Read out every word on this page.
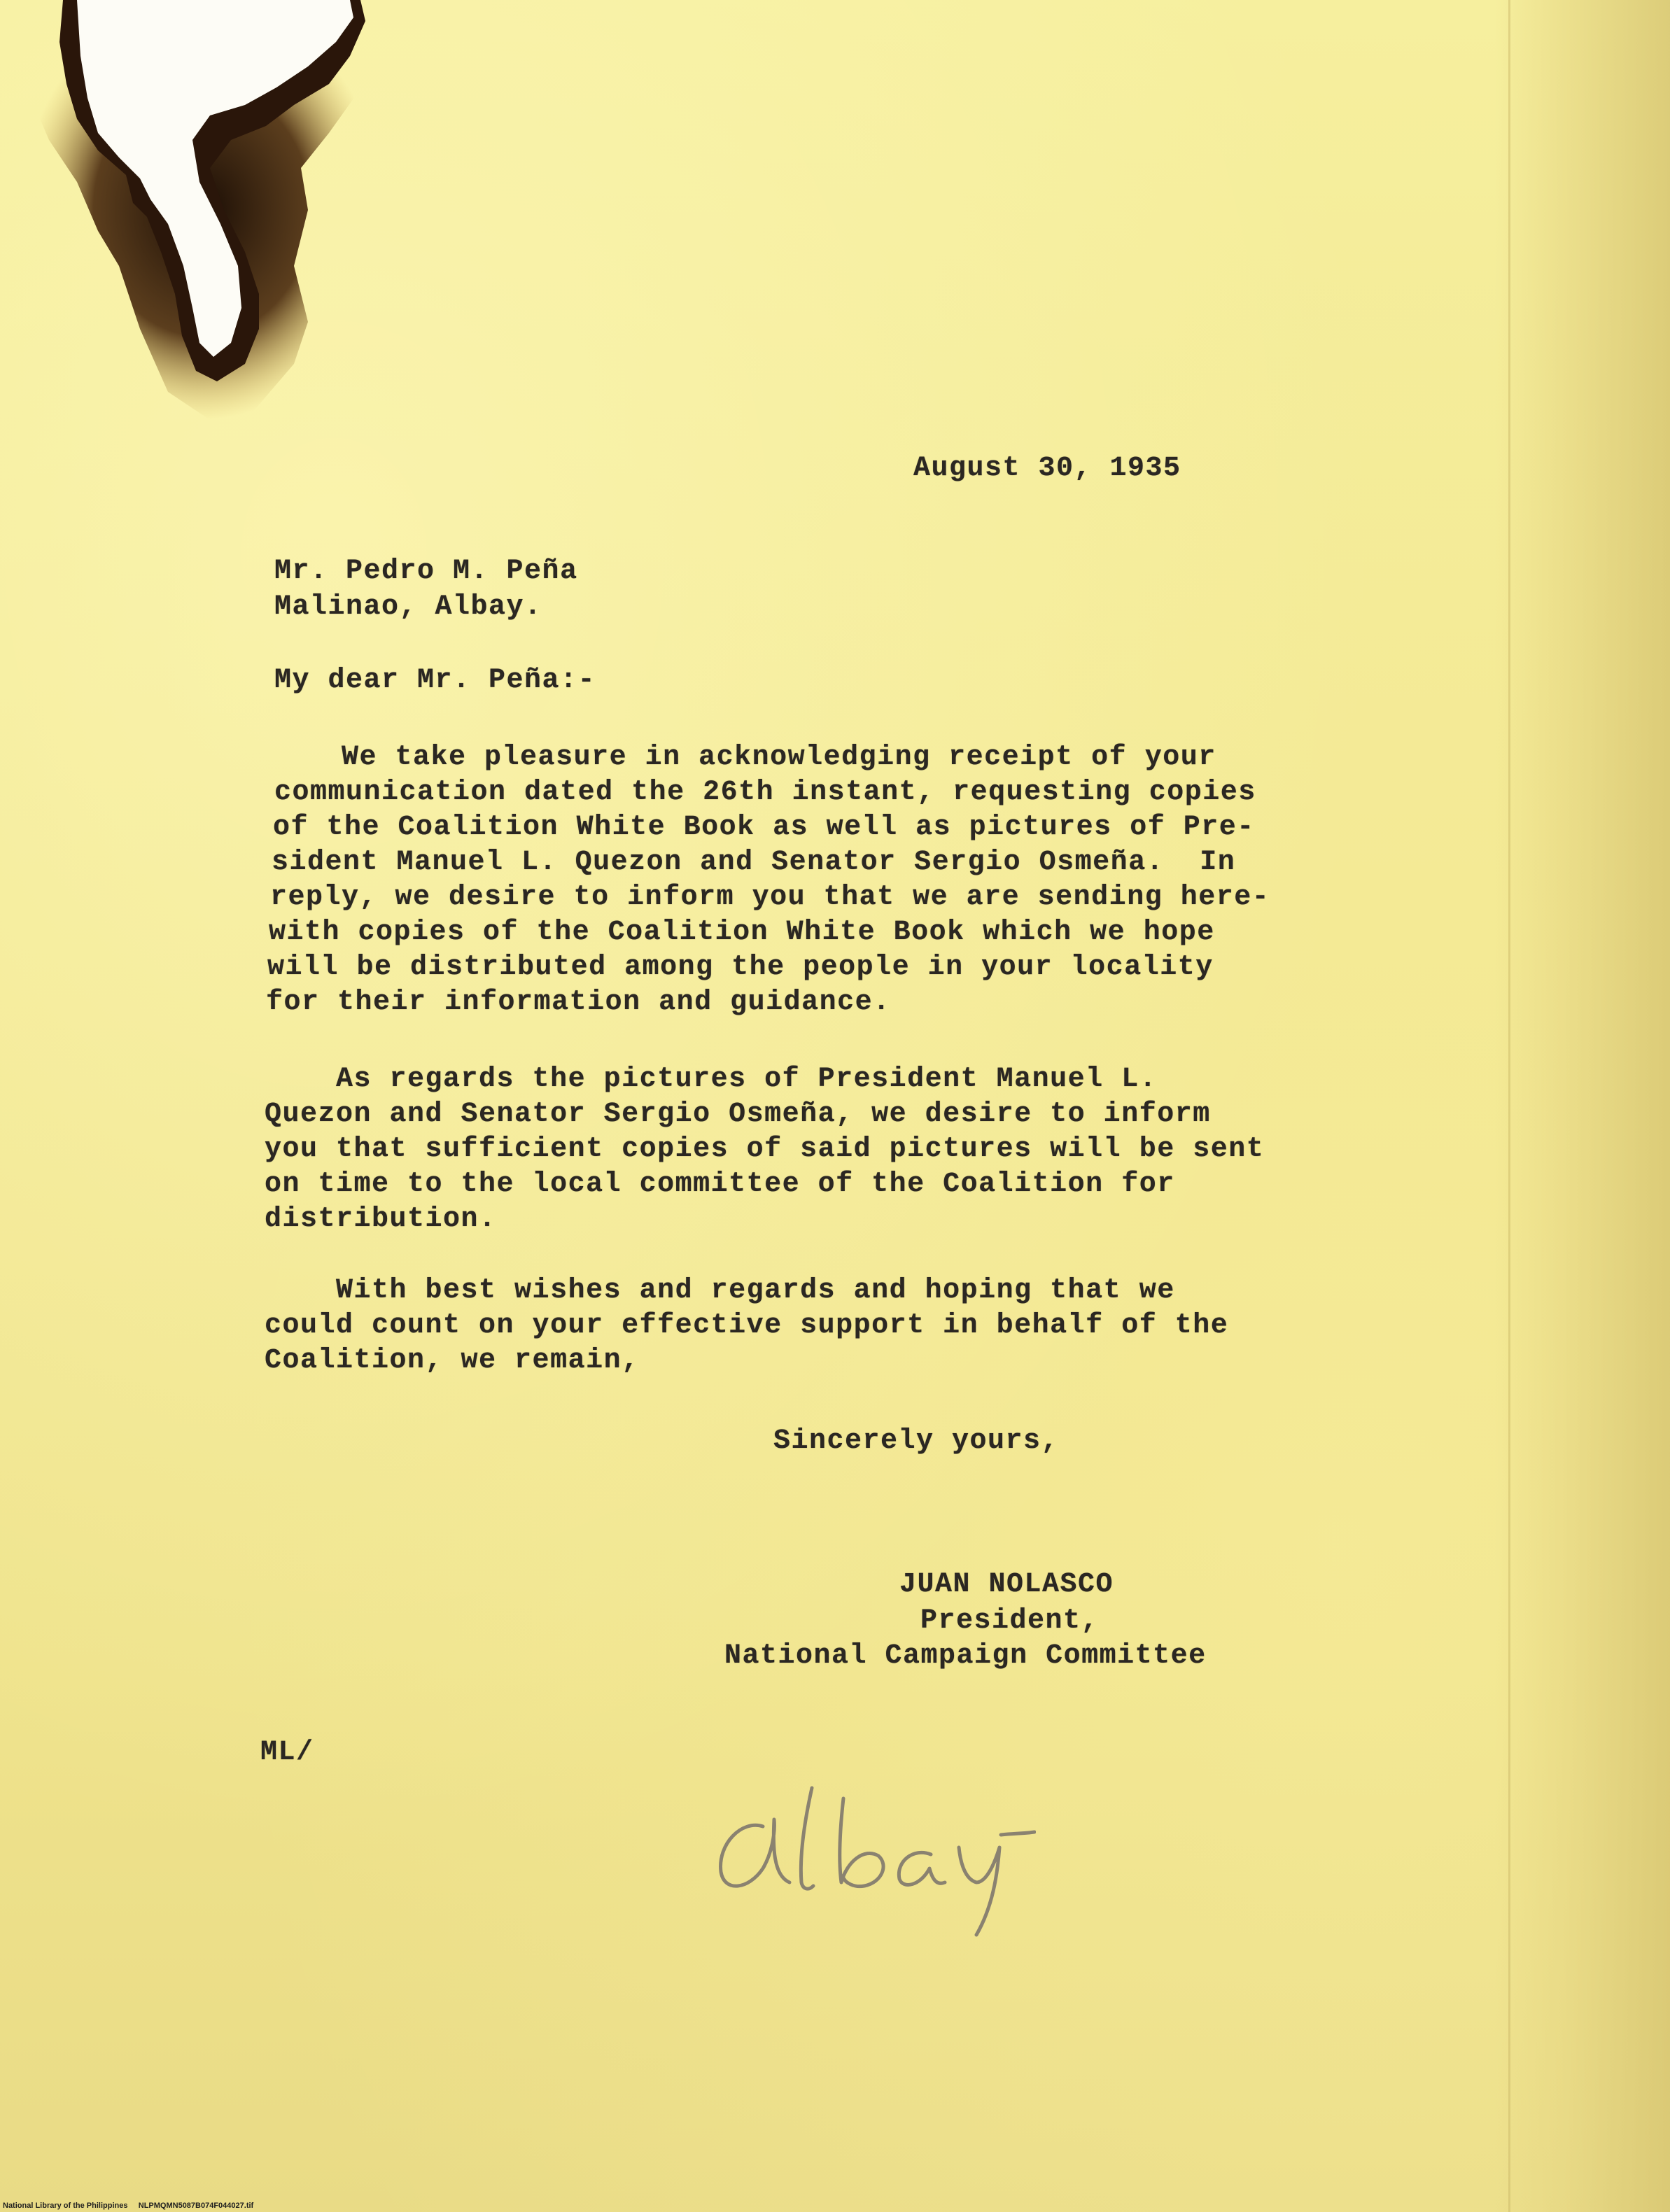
August 30, 1935

Mr. Pedro M. Peña

Malinao, Albay.

My dear Mr. Peña:-

We take pleasure in acknowledging receipt of your
communication dated the 26th instant, requesting copies
of the Coalition White Book as well as pictures of Pre-
sident Manuel L. Quezon and Senator Sergio Osmeña.  In
reply, we desire to inform you that we are sending here-
with copies of the Coalition White Book which we hope
will be distributed among the people in your locality
for their information and guidance.
As regards the pictures of President Manuel L.
Quezon and Senator Sergio Osmeña, we desire to inform
you that sufficient copies of said pictures will be sent
on time to the local committee of the Coalition for
distribution.
With best wishes and regards and hoping that we
could count on your effective support in behalf of the
Coalition, we remain,

Sincerely yours,

JUAN NOLASCO

President,

National Campaign Committee

ML/

National Library of the Philippines     NLPMQMN5087B074F044027.tif
